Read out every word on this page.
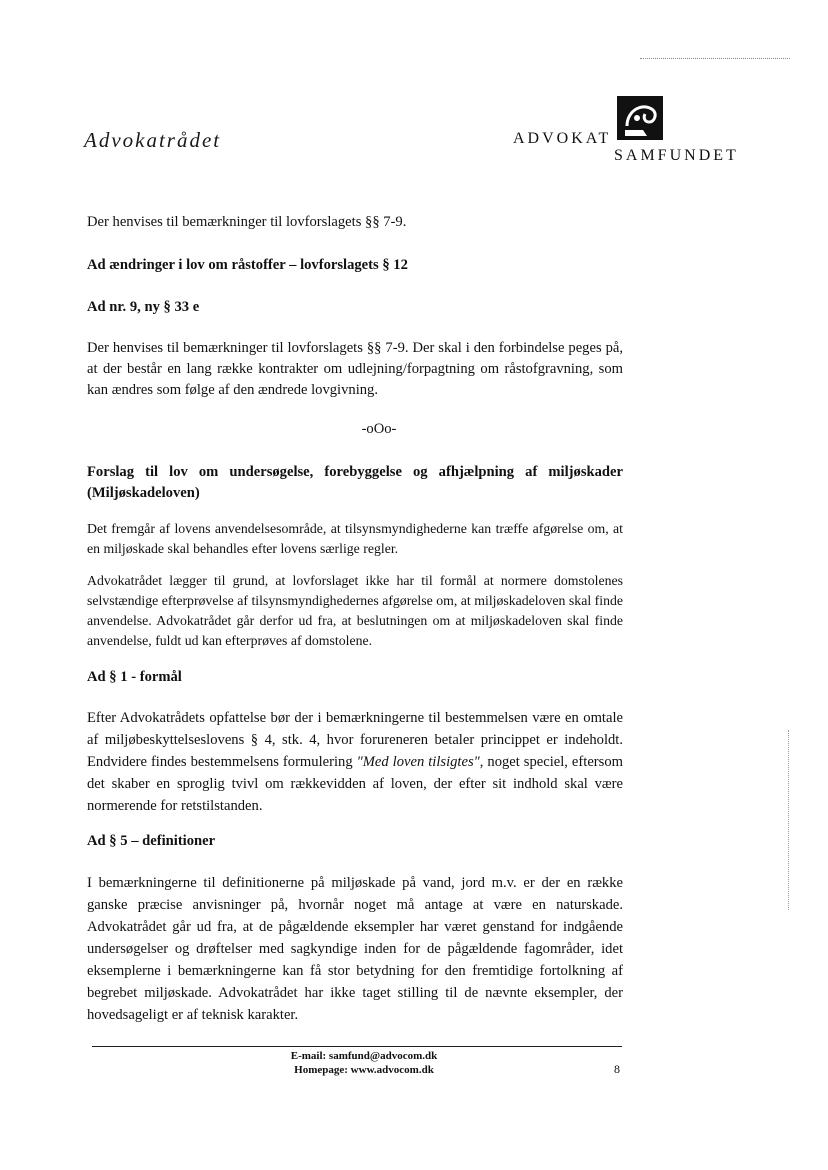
Advokatrådet	ADVOKAT
SAMFUNDET

Der henvises til bemærkninger til lovforslagets §§ 7-9.

Ad ændringer i lov om råstoffer – lovforslagets § 12

Ad nr. 9, ny § 33 e

Der henvises til bemærkninger til lovforslagets §§ 7-9. Der skal i den forbindelse peges på, at der består en lang række kontrakter om udlejning/forpagtning om råstofgravning, som kan ændres som følge af den ændrede lovgivning.

-oOo-

Forslag til lov om undersøgelse, forebyggelse og afhjælpning af miljøskader (Miljøskadeloven)

Det fremgår af lovens anvendelsesområde, at tilsynsmyndighederne kan træffe afgørelse om, at en miljøskade skal behandles efter lovens særlige regler.

Advokatrådet lægger til grund, at lovforslaget ikke har til formål at normere domstolenes selvstændige efterprøvelse af tilsynsmyndighedernes afgørelse om, at miljøskadeloven skal finde anvendelse. Advokatrådet går derfor ud fra, at beslutningen om at miljøskadeloven skal finde anvendelse, fuldt ud kan efterprøves af domstolene.

Ad § 1 - formål

Efter Advokatrådets opfattelse bør der i bemærkningerne til bestemmelsen være en omtale af miljøbeskyttelseslovens § 4, stk. 4, hvor forureneren betaler princippet er indeholdt. Endvidere findes bestemmelsens formulering "Med loven tilsigtes", noget speciel, eftersom det skaber en sproglig tvivl om rækkevidden af loven, der efter sit indhold skal være normerende for retstilstanden.

Ad § 5 – definitioner

I bemærkningerne til definitionerne på miljøskade på vand, jord m.v. er der en række ganske præcise anvisninger på, hvornår noget må antage at være en naturskade. Advokatrådet går ud fra, at de pågældende eksempler har været genstand for indgående undersøgelser og drøftelser med sagkyndige inden for de pågældende fagområder, idet eksemplerne i bemærkningerne kan få stor betydning for den fremtidige fortolkning af begrebet miljøskade. Advokatrådet har ikke taget stilling til de nævnte eksempler, der hovedsageligt er af teknisk karakter.

E-mail: samfund@advocom.dk
Homepage: www.advocom.dk	8
